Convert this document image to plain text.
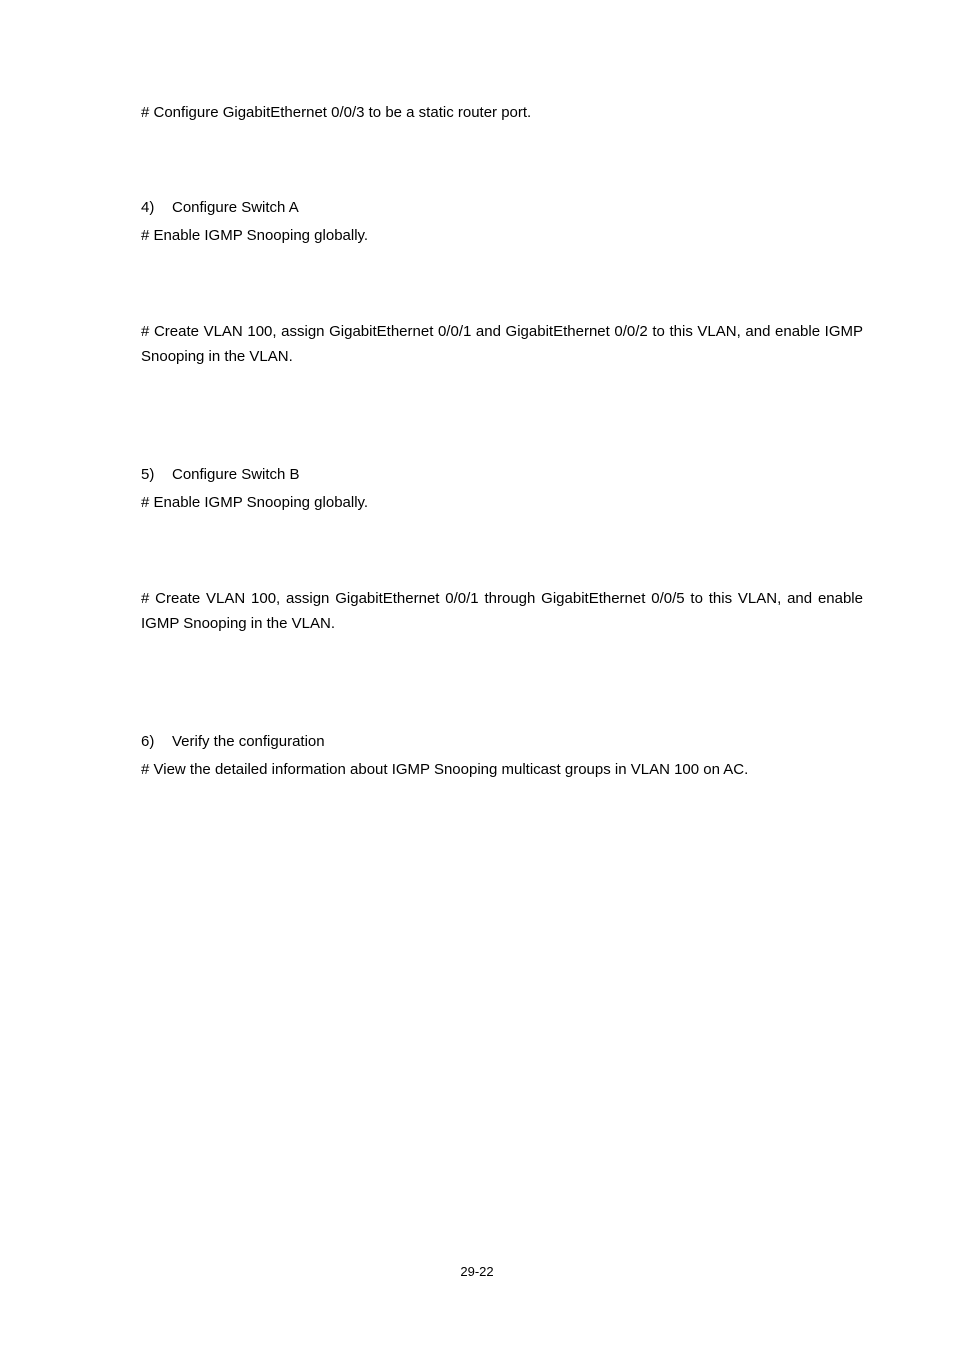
# Configure GigabitEthernet 0/0/3 to be a static router port.

4) Configure Switch A

# Enable IGMP Snooping globally.

# Create VLAN 100, assign GigabitEthernet 0/0/1 and GigabitEthernet 0/0/2 to this VLAN, and enable IGMP Snooping in the VLAN.

5) Configure Switch B

# Enable IGMP Snooping globally.

# Create VLAN 100, assign GigabitEthernet 0/0/1 through GigabitEthernet 0/0/5 to this VLAN, and enable IGMP Snooping in the VLAN.

6) Verify the configuration

# View the detailed information about IGMP Snooping multicast groups in VLAN 100 on AC.

29-22
